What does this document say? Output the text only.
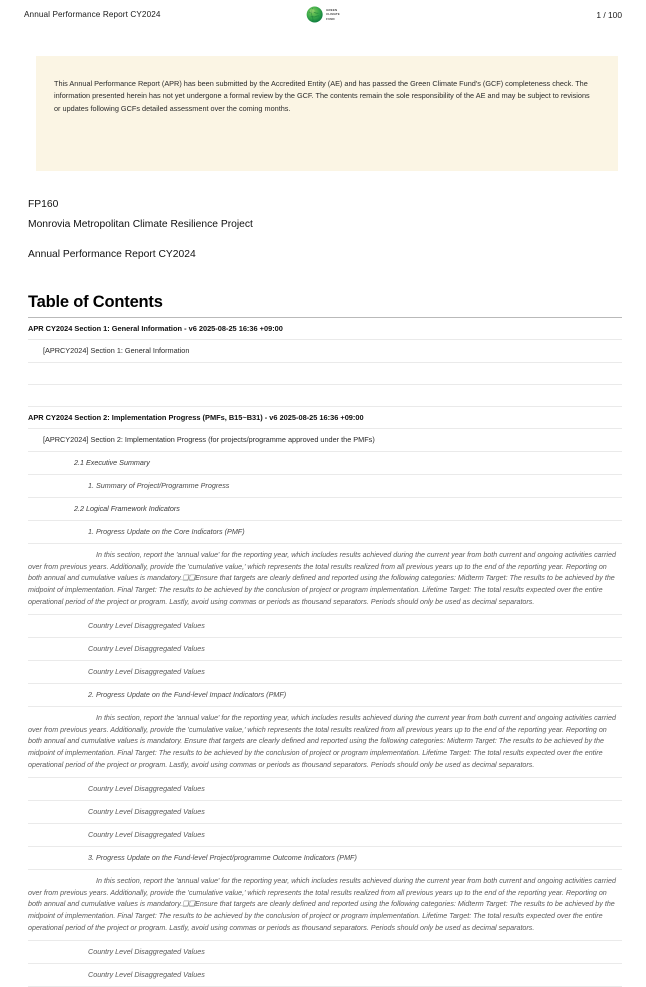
Annual Performance Report CY2024	GREEN
CLIMATE
FUND	1 / 100
This Annual Performance Report (APR) has been submitted by the Accredited Entity (AE) and has passed the Green Climate Fund's (GCF) completeness check. The information presented herein has not yet undergone a formal review by the GCF. The contents remain the sole responsibility of the AE and may be subject to revisions or updates following GCFs detailed assessment over the coming months.
FP160
Monrovia Metropolitan Climate Resilience Project
Annual Performance Report CY2024
Table of Contents
APR CY2024 Section 1: General Information - v6 2025-08-25 16:36 +09:00
[APRCY2024] Section 1: General Information
APR CY2024 Section 2: Implementation Progress (PMFs, B15~B31) - v6 2025-08-25 16:36 +09:00
[APRCY2024] Section 2: Implementation Progress (for projects/programme approved under the PMFs)
2.1 Executive Summary
1. Summary of Project/Programme Progress
2.2 Logical Framework Indicators
1. Progress Update on the Core Indicators (PMF)
In this section, report the 'annual value' for the reporting year, which includes results achieved during the current year from both current and ongoing activities carried over from previous years. Additionally, provide the 'cumulative value,' which represents the total results realized from all previous years up to the end of the reporting year. Reporting on both annual and cumulative values is mandatory.❑❑Ensure that targets are clearly defined and reported using the following categories: Midterm Target: The results to be achieved by the midpoint of implementation. Final Target: The results to be achieved by the conclusion of project or program implementation. Lifetime Target: The total results expected over the entire operational period of the project or program. Lastly, avoid using commas or periods as thousand separators. Periods should only be used as decimal separators.
Country Level Disaggregated Values
Country Level Disaggregated Values
Country Level Disaggregated Values
2. Progress Update on the Fund-level Impact Indicators (PMF)
In this section, report the 'annual value' for the reporting year, which includes results achieved during the current year from both current and ongoing activities carried over from previous years. Additionally, provide the 'cumulative value,' which represents the total results realized from all previous years up to the end of the reporting year. Reporting on both annual and cumulative values is mandatory. Ensure that targets are clearly defined and reported using the following categories: Midterm Target: The results to be achieved by the midpoint of implementation. Final Target: The results to be achieved by the conclusion of project or program implementation. Lifetime Target: The total results expected over the entire operational period of the project or program. Lastly, avoid using commas or periods as thousand separators. Periods should only be used as decimal separators.
Country Level Disaggregated Values
Country Level Disaggregated Values
Country Level Disaggregated Values
3. Progress Update on the Fund-level Project/programme Outcome Indicators (PMF)
In this section, report the 'annual value' for the reporting year, which includes results achieved during the current year from both current and ongoing activities carried over from previous years. Additionally, provide the 'cumulative value,' which represents the total results realized from all previous years up to the end of the reporting year. Reporting on both annual and cumulative values is mandatory.❑❑Ensure that targets are clearly defined and reported using the following categories: Midterm Target: The results to be achieved by the midpoint of implementation. Final Target: The results to be achieved by the conclusion of project or program implementation. Lifetime Target: The total results expected over the entire operational period of the project or program. Lastly, avoid using commas or periods as thousand separators. Periods should only be used as decimal separators.
Country Level Disaggregated Values
Country Level Disaggregated Values
